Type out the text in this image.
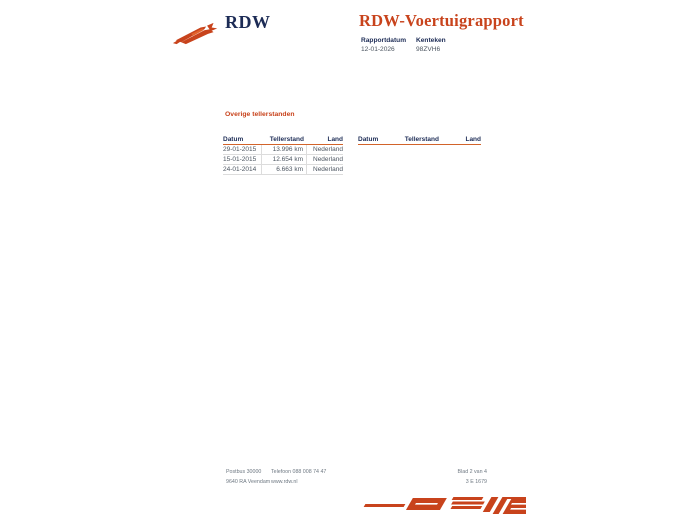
RDW	RDW-Voertuigrapport
Rapportdatum
12-01-2026
Kenteken
98ZVH6
Overige tellerstanden
Datum	Tellerstand	Land
29-01-2015	13.996 km	Nederland
15-01-2015	12.654 km	Nederland
24-01-2014	6.663 km	Nederland
Datum	Tellerstand	Land
Postbus 30000
9640 RA Veendam
Telefoon 088 008 74 47
www.rdw.nl
Blad 2 van 4
3 E 1679
